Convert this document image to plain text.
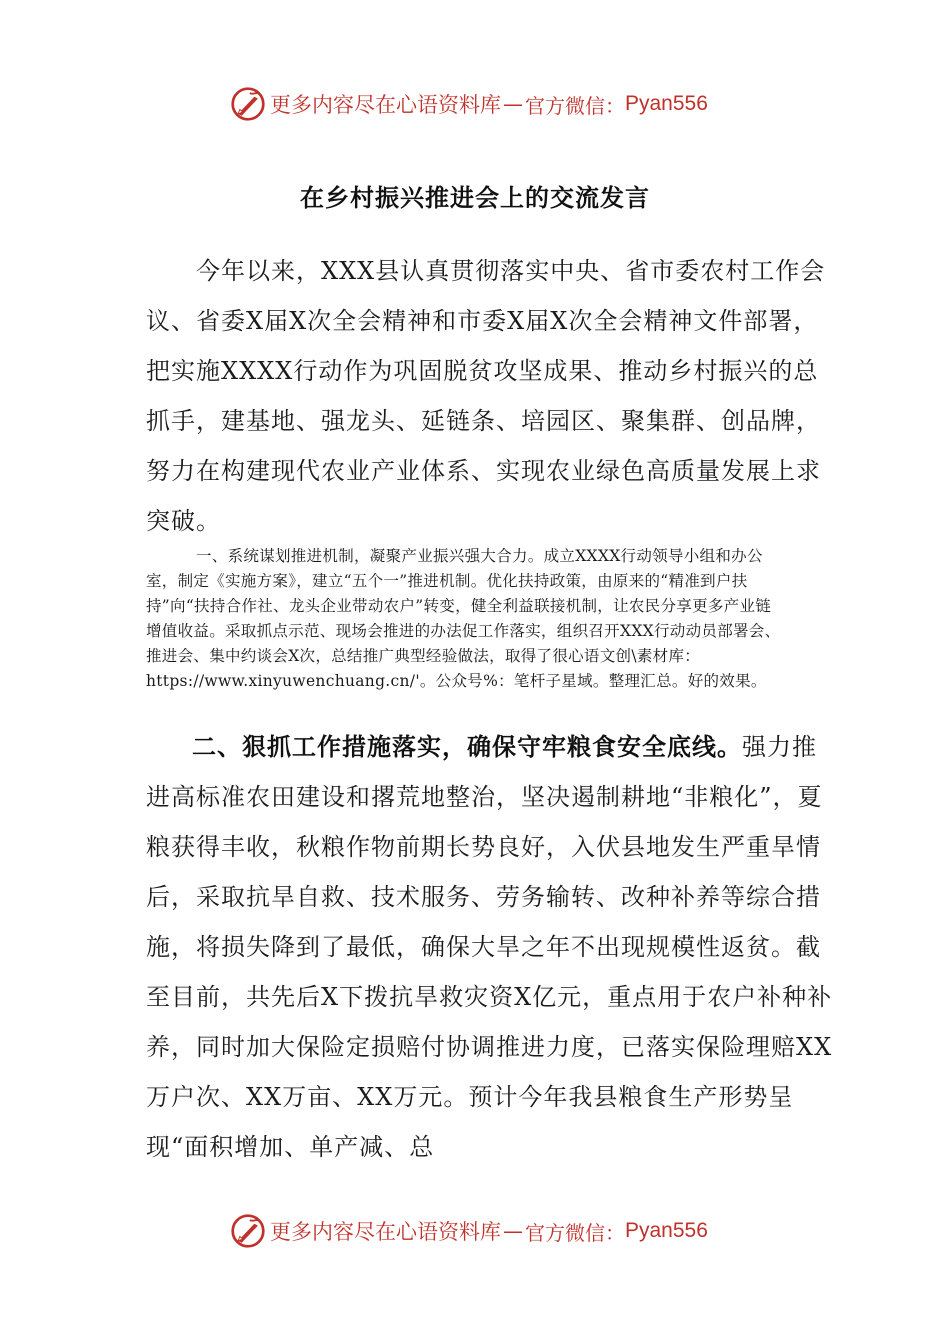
更多内容尽在心语资料库 — 官方微信： Pyan556
在乡村振兴推进会上的交流发言
今年以来，XXX县认真贯彻落实中央、省市委农村工作会议、省委X届X次全会精神和市委X届X次全会精神文件部署，把实施XXXX行动作为巩固脱贫攻坚成果、推动乡村振兴的总抓手，建基地、强龙头、延链条、培园区、聚集群、创品牌，努力在构建现代农业产业体系、实现农业绿色高质量发展上求突破。
一、系统谋划推进机制，凝聚产业振兴强大合力。成立XXXX行动领导小组和办公室，制定《实施方案》，建立“五个一”推进机制。优化扶持政策，由原来的“精准到户扶持”向“扶持合作社、龙头企业带动农户”转变，健全利益联接机制，让农民分享更多产业链增值收益。采取抓点示范、现场会推进的办法促工作落实，组织召开XXX行动动员部署会、推进会、集中约谈会X次，总结推广典型经验做法，取得了很心语文创\素材库：https://www.xinyuwenchuang.cn/'。公众号%：笔杆子星域。整理汇总。好的效果。
二、狠抓工作措施落实，确保守牢粮食安全底线。强力推进高标准农田建设和撂荒地整治，坚决遏制耕地“非粮化”，夏粮获得丰收，秋粮作物前期长势良好，入伏县地发生严重旱情后，采取抗旱自救、技术服务、劳务输转、改种补养等综合措施，将损失降到了最低，确保大旱之年不出现规模性返贫。截至目前，共先后X下拨抗旱救灾资X亿元，重点用于农户补种补养，同时加大保险定损赔付协调推进力度，已落实保险理赔XX万户次、XX万亩、XX万元。预计今年我县粮食生产形势呈现“面积增加、单产减、总
更多内容尽在心语资料库 — 官方微信： Pyan556
